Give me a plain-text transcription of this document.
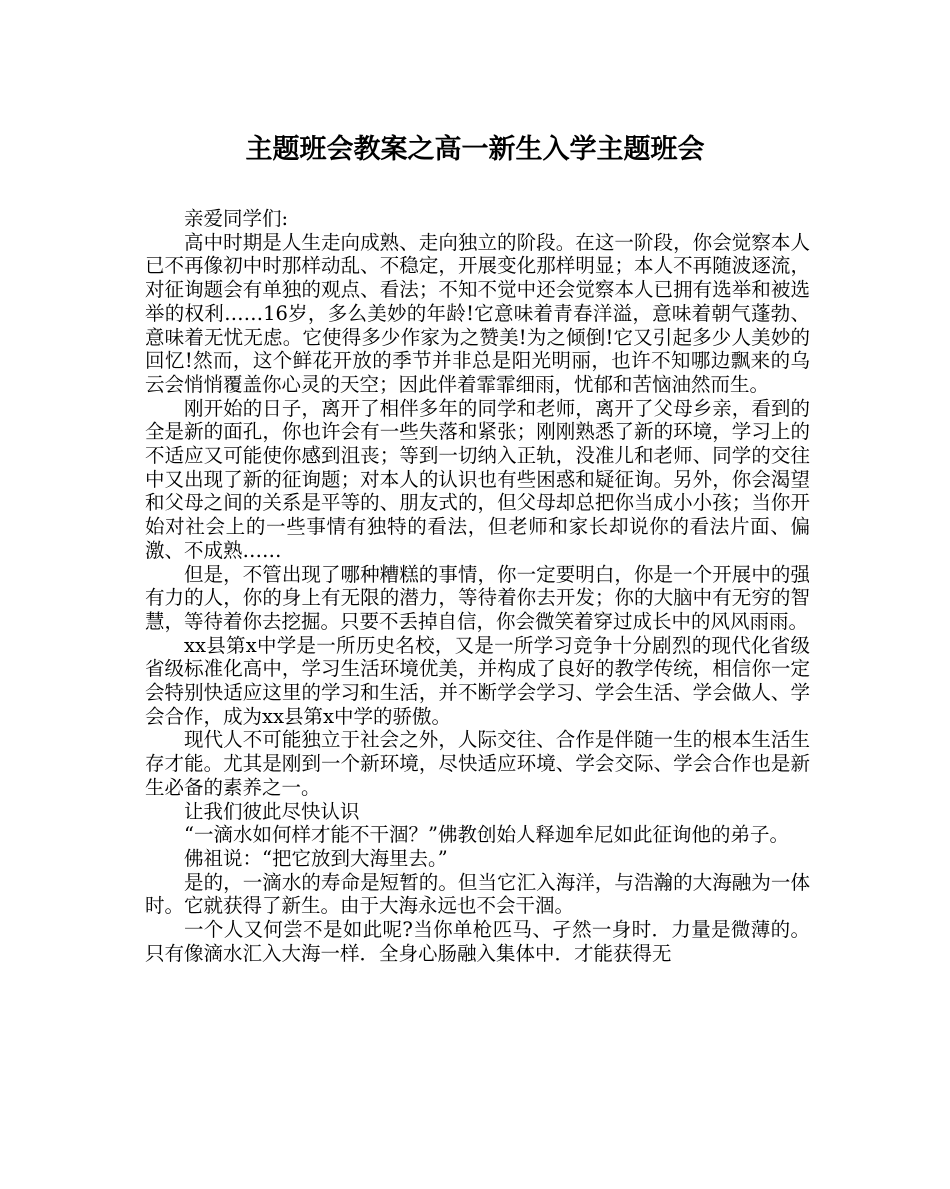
主题班会教案之高一新生入学主题班会

亲爱同学们:

高中时期是人生走向成熟、走向独立的阶段。在这一阶段，你会觉察本人已不再像初中时那样动乱、不稳定，开展变化那样明显；本人不再随波逐流，对征询题会有单独的观点、看法；不知不觉中还会觉察本人已拥有选举和被选举的权利……16岁，多么美妙的年龄!它意味着青春洋溢，意味着朝气蓬勃、意味着无忧无虑。它使得多少作家为之赞美!为之倾倒!它又引起多少人美妙的回忆!然而，这个鲜花开放的季节并非总是阳光明丽，也许不知哪边飘来的乌云会悄悄覆盖你心灵的天空；因此伴着霏霏细雨，忧郁和苦恼油然而生。

刚开始的日子，离开了相伴多年的同学和老师，离开了父母乡亲，看到的全是新的面孔，你也许会有一些失落和紧张；刚刚熟悉了新的环境，学习上的不适应又可能使你感到沮丧；等到一切纳入正轨，没准儿和老师、同学的交往中又出现了新的征询题；对本人的认识也有些困惑和疑征询。另外，你会渴望和父母之间的关系是平等的、朋友式的，但父母却总把你当成小小孩；当你开始对社会上的一些事情有独特的看法，但老师和家长却说你的看法片面、偏激、不成熟……

但是，不管出现了哪种糟糕的事情，你一定要明白，你是一个开展中的强有力的人，你的身上有无限的潜力，等待着你去开发；你的大脑中有无穷的智慧，等待着你去挖掘。只要不丢掉自信，你会微笑着穿过成长中的风风雨雨。

xx县第x中学是一所历史名校，又是一所学习竞争十分剧烈的现代化省级省级标准化高中，学习生活环境优美，并构成了良好的教学传统，相信你一定会特别快适应这里的学习和生活，并不断学会学习、学会生活、学会做人、学会合作，成为xx县第x中学的骄傲。

现代人不可能独立于社会之外，人际交往、合作是伴随一生的根本生活生存才能。尤其是刚到一个新环境，尽快适应环境、学会交际、学会合作也是新生必备的素养之一。

让我们彼此尽快认识

“一滴水如何样才能不干涸？”佛教创始人释迦牟尼如此征询他的弟子。

佛祖说：“把它放到大海里去。”

是的，一滴水的寿命是短暂的。但当它汇入海洋，与浩瀚的大海融为一体时。它就获得了新生。由于大海永远也不会干涸。

一个人又何尝不是如此呢?当你单枪匹马、孑然一身时．力量是微薄的。只有像滴水汇入大海一样．全身心肠融入集体中．才能获得无
